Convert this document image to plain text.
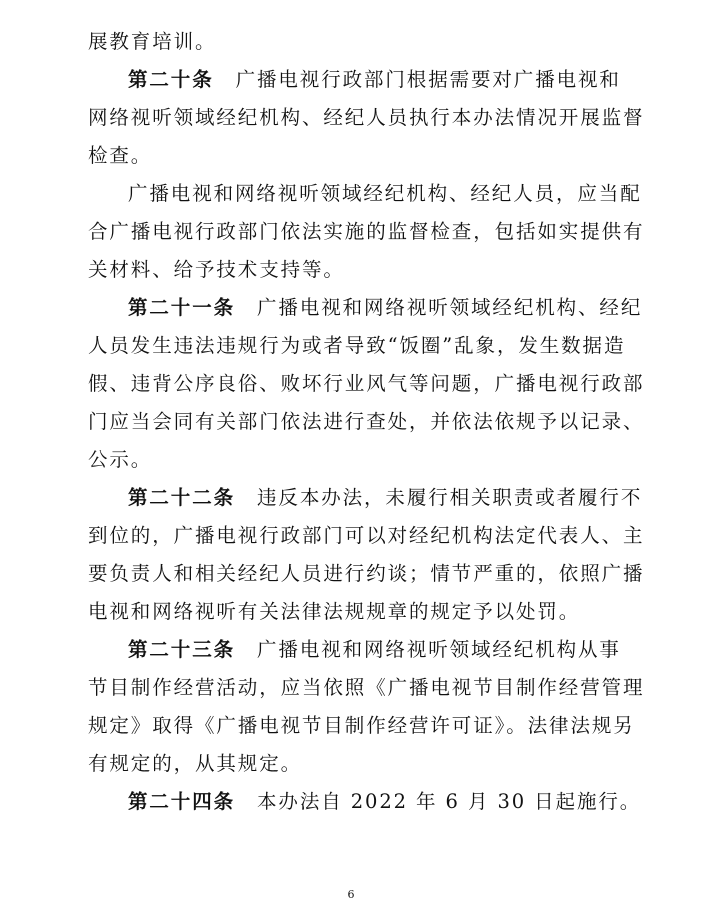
展教育培训。
第二十条 广播电视行政部门根据需要对广播电视和
网络视听领域经纪机构、经纪人员执行本办法情况开展监督
检查。
广播电视和网络视听领域经纪机构、经纪人员，应当配
合广播电视行政部门依法实施的监督检查，包括如实提供有
关材料、给予技术支持等。
第二十一条 广播电视和网络视听领域经纪机构、经纪
人员发生违法违规行为或者导致“饭圈”乱象，发生数据造
假、违背公序良俗、败坏行业风气等问题，广播电视行政部
门应当会同有关部门依法进行查处，并依法依规予以记录、
公示。
第二十二条 违反本办法，未履行相关职责或者履行不
到位的，广播电视行政部门可以对经纪机构法定代表人、主
要负责人和相关经纪人员进行约谈；情节严重的，依照广播
电视和网络视听有关法律法规规章的规定予以处罚。
第二十三条 广播电视和网络视听领域经纪机构从事
节目制作经营活动，应当依照《广播电视节目制作经营管理
规定》取得《广播电视节目制作经营许可证》。法律法规另
有规定的，从其规定。
第二十四条 本办法自 2022 年 6 月 30 日起施行。
6
